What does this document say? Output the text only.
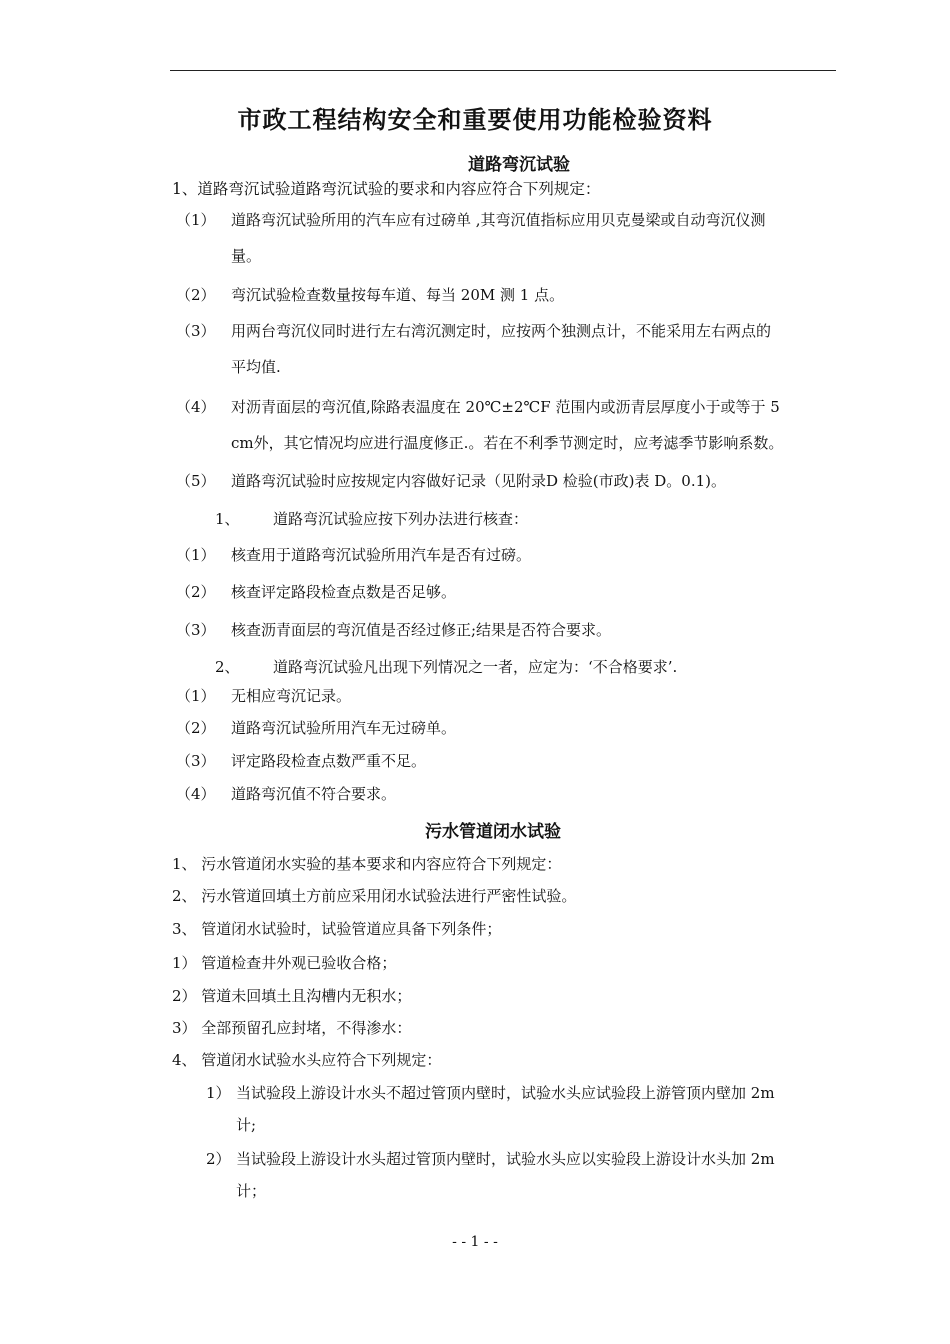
市政工程结构安全和重要使用功能检验资料
道路弯沉试验
1、道路弯沉试验道路弯沉试验的要求和内容应符合下列规定：
（1） 道路弯沉试验所用的汽车应有过磅单 ,其弯沉值指标应用贝克曼梁或自动弯沉仪测
量。
（2） 弯沉试验检查数量按每车道、每当 20M 测 1 点。
（3） 用两台弯沉仪同时进行左右湾沉测定时，应按两个独测点计，不能采用左右两点的
平均值.
（4） 对沥青面层的弯沉值,除路表温度在 20℃±2℃F 范围内或沥青层厚度小于或等于 5
cm外，其它情况均应进行温度修正.。若在不利季节测定时，应考滤季节影响系数。
（5） 道路弯沉试验时应按规定内容做好记录（见附录D 检验(市政)表 D。0.1)。
1、 道路弯沉试验应按下列办法进行核查：
（1） 核查用于道路弯沉试验所用汽车是否有过磅。
（2） 核查评定路段检查点数是否足够。
（3） 核查沥青面层的弯沉值是否经过修正;结果是否符合要求。
2、 道路弯沉试验凡出现下列情况之一者，应定为：‘不合格要求’.
（1） 无相应弯沉记录。
（2） 道路弯沉试验所用汽车无过磅单。
（3） 评定路段检查点数严重不足。
（4） 道路弯沉值不符合要求。
污水管道闭水试验
1、 污水管道闭水实验的基本要求和内容应符合下列规定：
2、 污水管道回填土方前应采用闭水试验法进行严密性试验。
3、 管道闭水试验时，试验管道应具备下列条件；
1） 管道检查井外观已验收合格；
2） 管道未回填土且沟槽内无积水；
3） 全部预留孔应封堵，不得渗水：
4、 管道闭水试验水头应符合下列规定：
1） 当试验段上游设计水头不超过管顶内壁时，试验水头应试验段上游管顶内壁加 2m
计;
2） 当试验段上游设计水头超过管顶内壁时，试验水头应以实验段上游设计水头加 2m
计；
- - 1 - -
